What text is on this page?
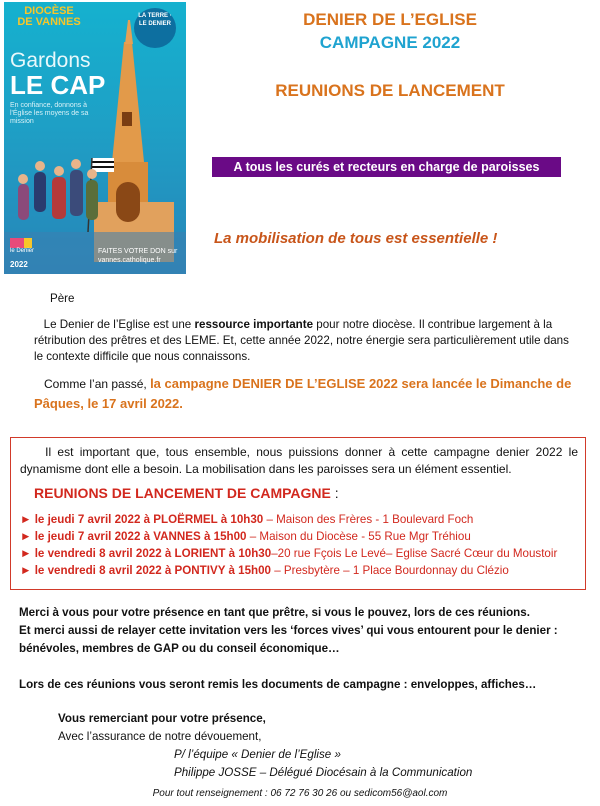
DIOCÈSE
DE VANNES	LA TERRE · LE DENIER
Gardons
LE CAP
En confiance, donnons à l'Église les moyens de sa mission
le Denier
2022
FAITES VOTRE DON sur vannes.catholique.fr
DENIER DE L’EGLISE
CAMPAGNE 2022
REUNIONS DE LANCEMENT
A tous les curés et recteurs en charge de paroisses
La mobilisation de tous est essentielle !
Père
Le Denier de l’Eglise est une ressource importante pour notre diocèse. Il contribue largement à la rétribution des prêtres et des LEME. Et, cette année 2022, notre énergie sera particulièrement utile dans le contexte difficile que nous connaissons.
Comme l’an passé, la campagne DENIER DE L’EGLISE 2022 sera lancée le Dimanche de Pâques, le 17 avril 2022.
Il est important que, tous ensemble, nous puissions donner à cette campagne denier 2022 le dynamisme dont elle a besoin. La mobilisation dans les paroisses sera un élément essentiel.
REUNIONS DE LANCEMENT DE CAMPAGNE :
► le jeudi 7 avril 2022 à PLOËRMEL à 10h30 – Maison des Frères - 1 Boulevard Foch
► le jeudi 7 avril 2022 à VANNES à 15h00 – Maison du Diocèse - 55 Rue Mgr Tréhiou
► le vendredi 8 avril 2022 à LORIENT à 10h30–20 rue Fçois Le Levé– Eglise Sacré Cœur du Moustoir
► le vendredi 8 avril 2022 à PONTIVY à 15h00 – Presbytère – 1 Place Bourdonnay du Clézio
Merci à vous pour votre présence en tant que prêtre, si vous le pouvez, lors de ces réunions.
Et merci aussi de relayer cette invitation vers les ‘forces vives’ qui vous entourent pour le denier : bénévoles, membres de GAP ou du conseil économique…
Lors de ces réunions vous seront remis les documents de campagne : enveloppes, affiches…
Vous remerciant pour votre présence,
Avec l’assurance de notre dévouement,
P/ l’équipe « Denier de l’Eglise »
Philippe JOSSE – Délégué Diocésain à la Communication
Pour tout renseignement : 06 72 76 30 26 ou sedicom56@aol.com
